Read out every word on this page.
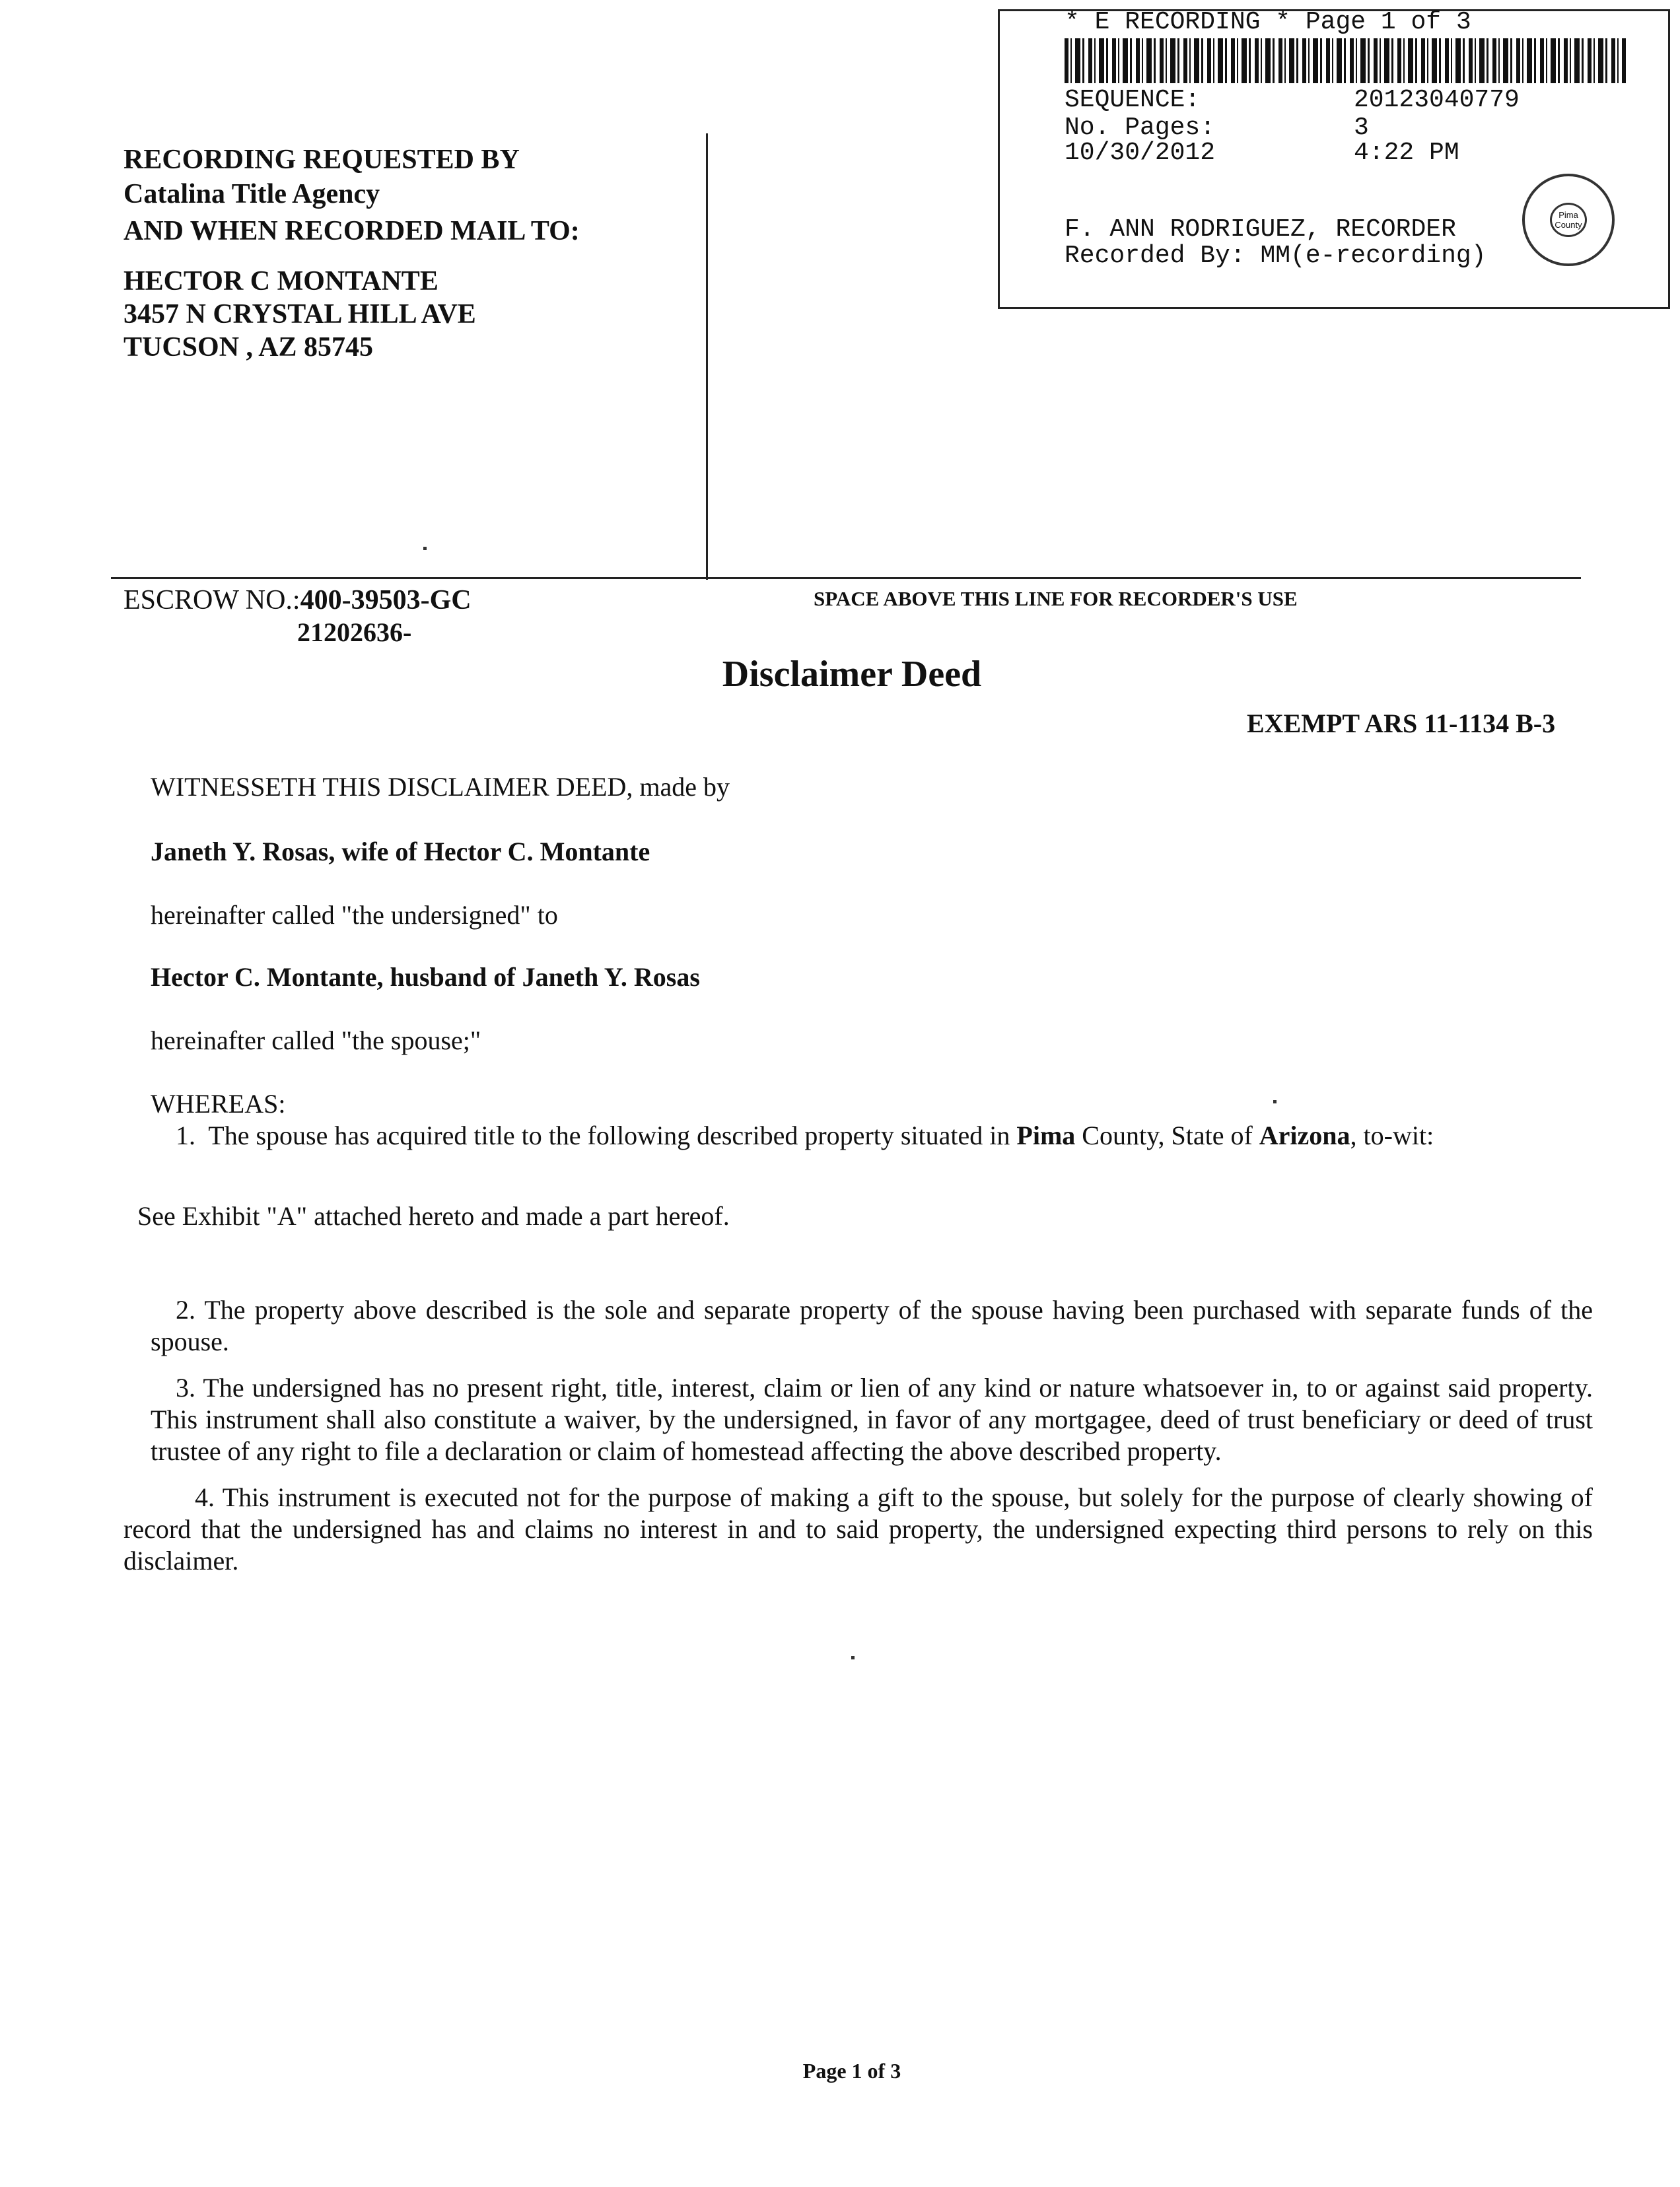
* E RECORDING * Page 1 of 3
SEQUENCE:	20123040779
No. Pages:	3
10/30/2012	4:22 PM
F. ANN RODRIGUEZ, RECORDER
Recorded By: MM(e-recording)
Pima County
RECORDING REQUESTED BY
Catalina Title Agency
AND WHEN RECORDED MAIL TO:
HECTOR C MONTANTE
3457 N CRYSTAL HILL AVE
TUCSON , AZ 85745
ESCROW NO.:400-39503-GC
21202636-
SPACE ABOVE THIS LINE FOR RECORDER'S USE
Disclaimer Deed
EXEMPT ARS 11-1134 B-3
WITNESSETH THIS DISCLAIMER DEED, made by
Janeth Y. Rosas, wife of Hector C. Montante
hereinafter called "the undersigned" to
Hector C. Montante, husband of Janeth Y. Rosas
hereinafter called "the spouse;"
WHEREAS:
1.  The spouse has acquired title to the following described property situated in Pima County, State of Arizona, to-wit:
See Exhibit "A" attached hereto and made a part hereof.
2. The property above described is the sole and separate property of the spouse having been purchased with separate funds of the spouse.
3. The undersigned has no present right, title, interest, claim or lien of any kind or nature whatsoever in, to or against said property. This instrument shall also constitute a waiver, by the undersigned, in favor of any mortgagee, deed of trust beneficiary or deed of trust trustee of any right to file a declaration or claim of homestead affecting the above described property.
4. This instrument is executed not for the purpose of making a gift to the spouse, but solely for the purpose of clearly showing of record that the undersigned has and claims no interest in and to said property, the undersigned expecting third persons to rely on this disclaimer.
Page 1 of 3
